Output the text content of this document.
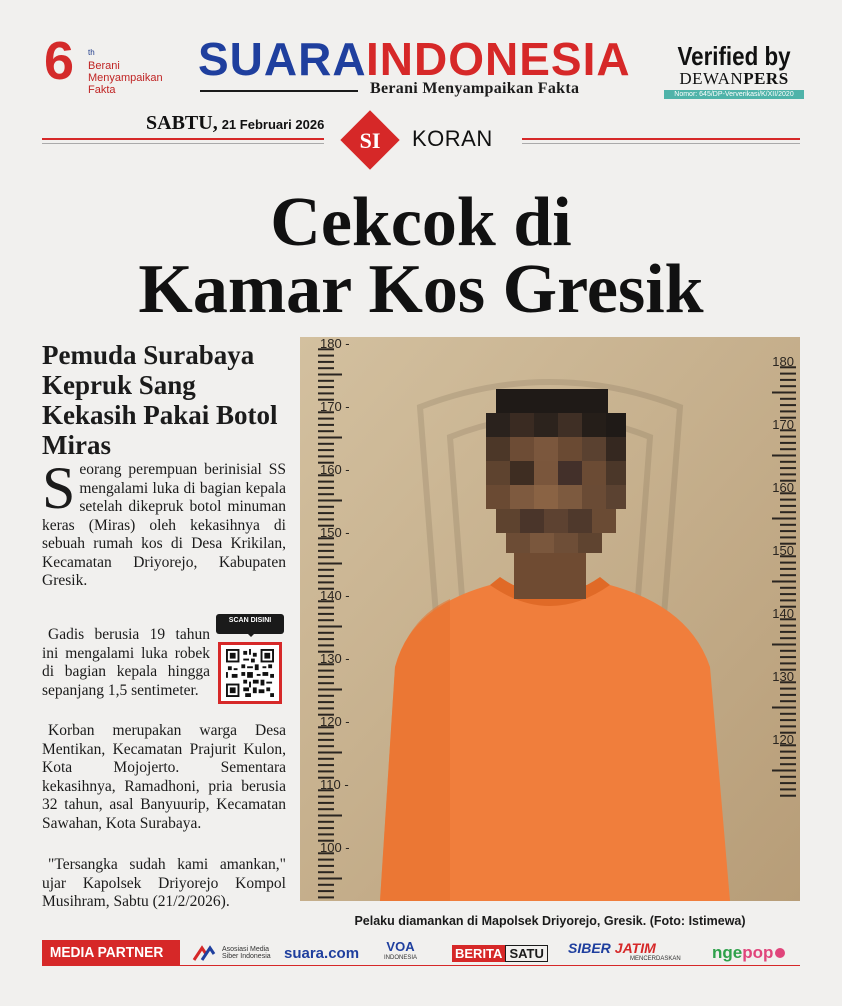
6 th
Berani Menyampaikan Fakta
SUARA INDONESIA
Berani Menyampaikan Fakta
Verified by
DEWANPERS
Nomor: 645/DP-Ververikasi/K/XII/2020
SABTU, 21 Februari 2026
SI KORAN
Cekcok di
Kamar Kos Gresik
Pemuda Surabaya Kepruk Sang Kekasih Pakai Botol Miras

Seorang perempuan berinisial SS mengalami luka di bagian kepala setelah dikepruk botol minuman keras (Miras) oleh kekasihnya di sebuah rumah kos di Desa Krikilan, Kecamatan Driyorejo, Kabupaten Gresik.

Gadis berusia 19 tahun ini mengalami luka robek di bagian kepala hingga sepanjang 1,5 sentimeter.

SCAN DISINI

Korban merupakan warga Desa Mentikan, Kecamatan Prajurit Kulon, Kota Mojojerto. Sementara kekasihnya, Ramadhoni, pria berusia 32 tahun, asal Banyuurip, Kecamatan Sawahan, Kota Surabaya.

"Tersangka sudah kami amankan," ujar Kapolsek Driyorejo Kompol Musihram, Sabtu (21/2/2026).

180 -
170 -
160 -
150 -
140 -
130 -
120 -
110 -
100 -
180
170
160
150
140
130
120

Pelaku diamankan di Mapolsek Driyorejo, Gresik. (Foto: Istimewa)

MEDIA PARTNER	Asosiasi Media Siber Indonesia suara .com VOA
INDONESIA	BERITA SATU SIBER JATIM
MENCERDASKAN nge pop
